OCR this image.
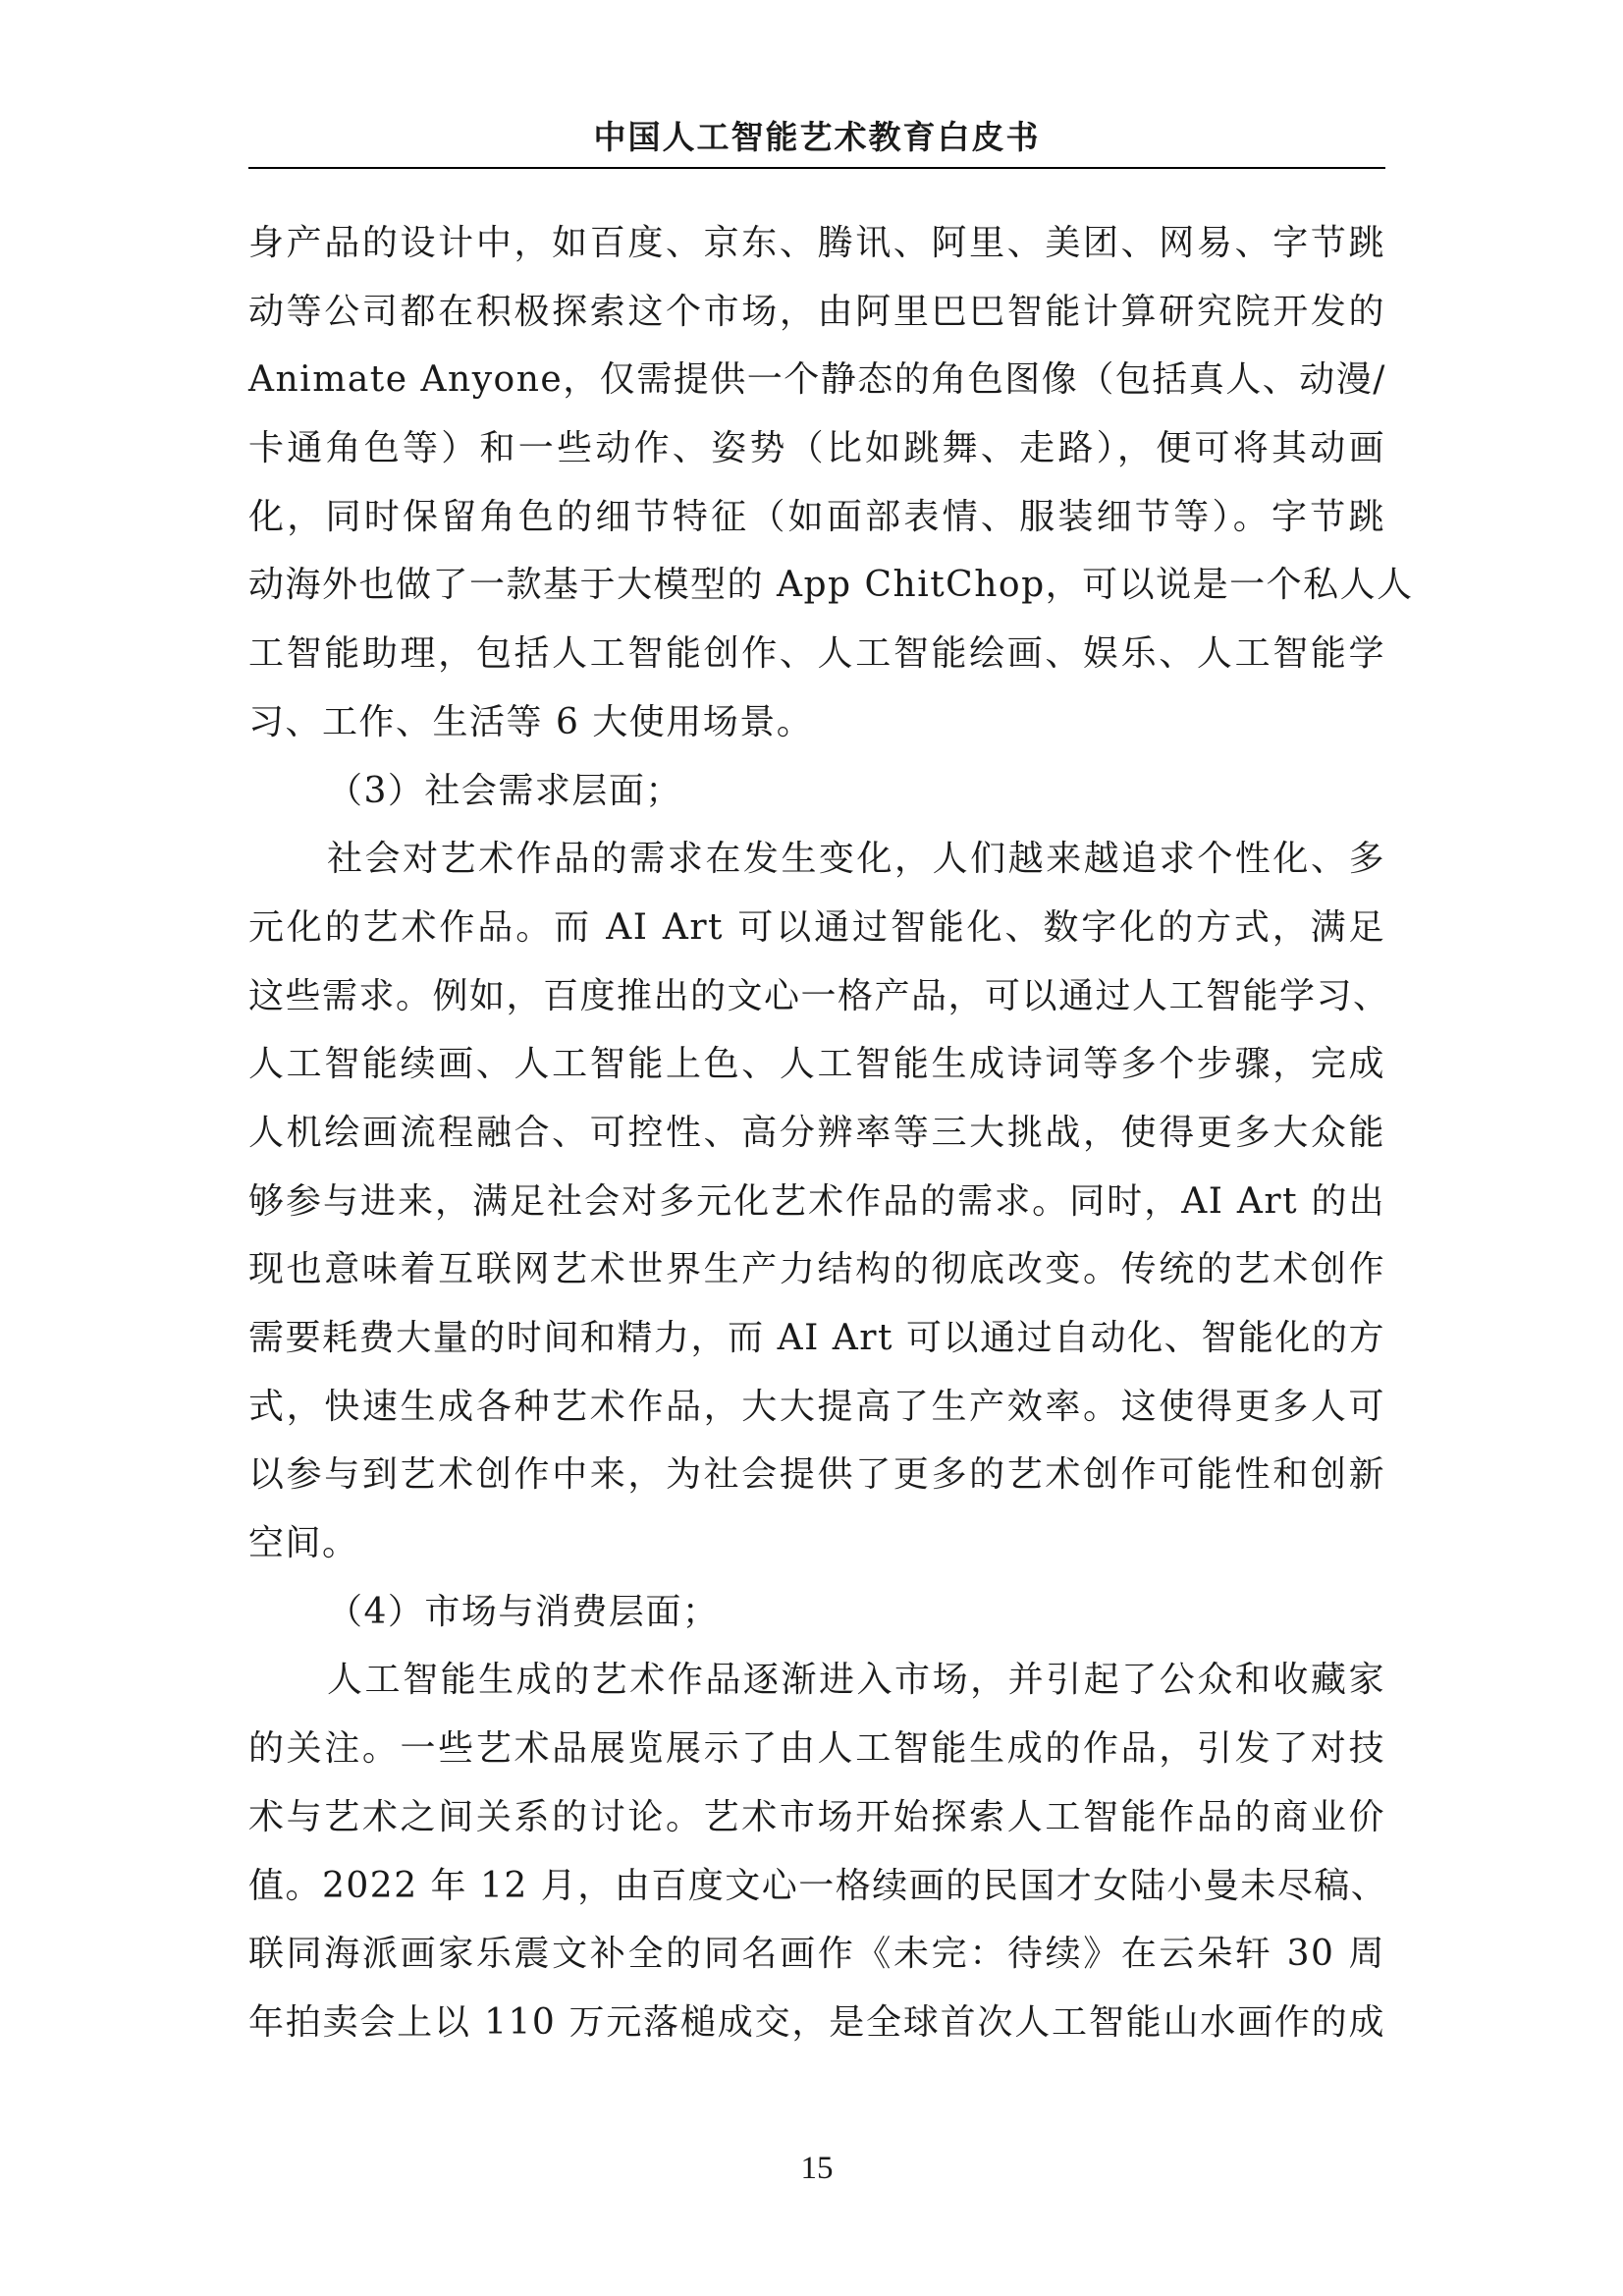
中国人工智能艺术教育白皮书
身产品的设计中，如百度、京东、腾讯、阿里、美团、网易、字节跳
动等公司都在积极探索这个市场，由阿里巴巴智能计算研究院开发的
Animate Anyone，仅需提供一个静态的角色图像（包括真人、动漫/
卡通角色等）和一些动作、姿势（比如跳舞、走路），便可将其动画
化，同时保留角色的细节特征（如面部表情、服装细节等）。字节跳
动海外也做了一款基于大模型的 App ChitChop，可以说是一个私人人
工智能助理，包括人工智能创作、人工智能绘画、娱乐、人工智能学
习、工作、生活等 6 大使用场景。
（3）社会需求层面；
社会对艺术作品的需求在发生变化，人们越来越追求个性化、多
元化的艺术作品。而 AI Art 可以通过智能化、数字化的方式，满足
这些需求。例如，百度推出的文心一格产品，可以通过人工智能学习、
人工智能续画、人工智能上色、人工智能生成诗词等多个步骤，完成
人机绘画流程融合、可控性、高分辨率等三大挑战，使得更多大众能
够参与进来，满足社会对多元化艺术作品的需求。同时，AI Art 的出
现也意味着互联网艺术世界生产力结构的彻底改变。传统的艺术创作
需要耗费大量的时间和精力，而 AI Art 可以通过自动化、智能化的方
式，快速生成各种艺术作品，大大提高了生产效率。这使得更多人可
以参与到艺术创作中来，为社会提供了更多的艺术创作可能性和创新
空间。
（4）市场与消费层面；
人工智能生成的艺术作品逐渐进入市场，并引起了公众和收藏家
的关注。一些艺术品展览展示了由人工智能生成的作品，引发了对技
术与艺术之间关系的讨论。艺术市场开始探索人工智能作品的商业价
值。2022 年 12 月，由百度文心一格续画的民国才女陆小曼未尽稿、
联同海派画家乐震文补全的同名画作《未完：待续》在云朵轩 30 周
年拍卖会上以 110 万元落槌成交，是全球首次人工智能山水画作的成
15
